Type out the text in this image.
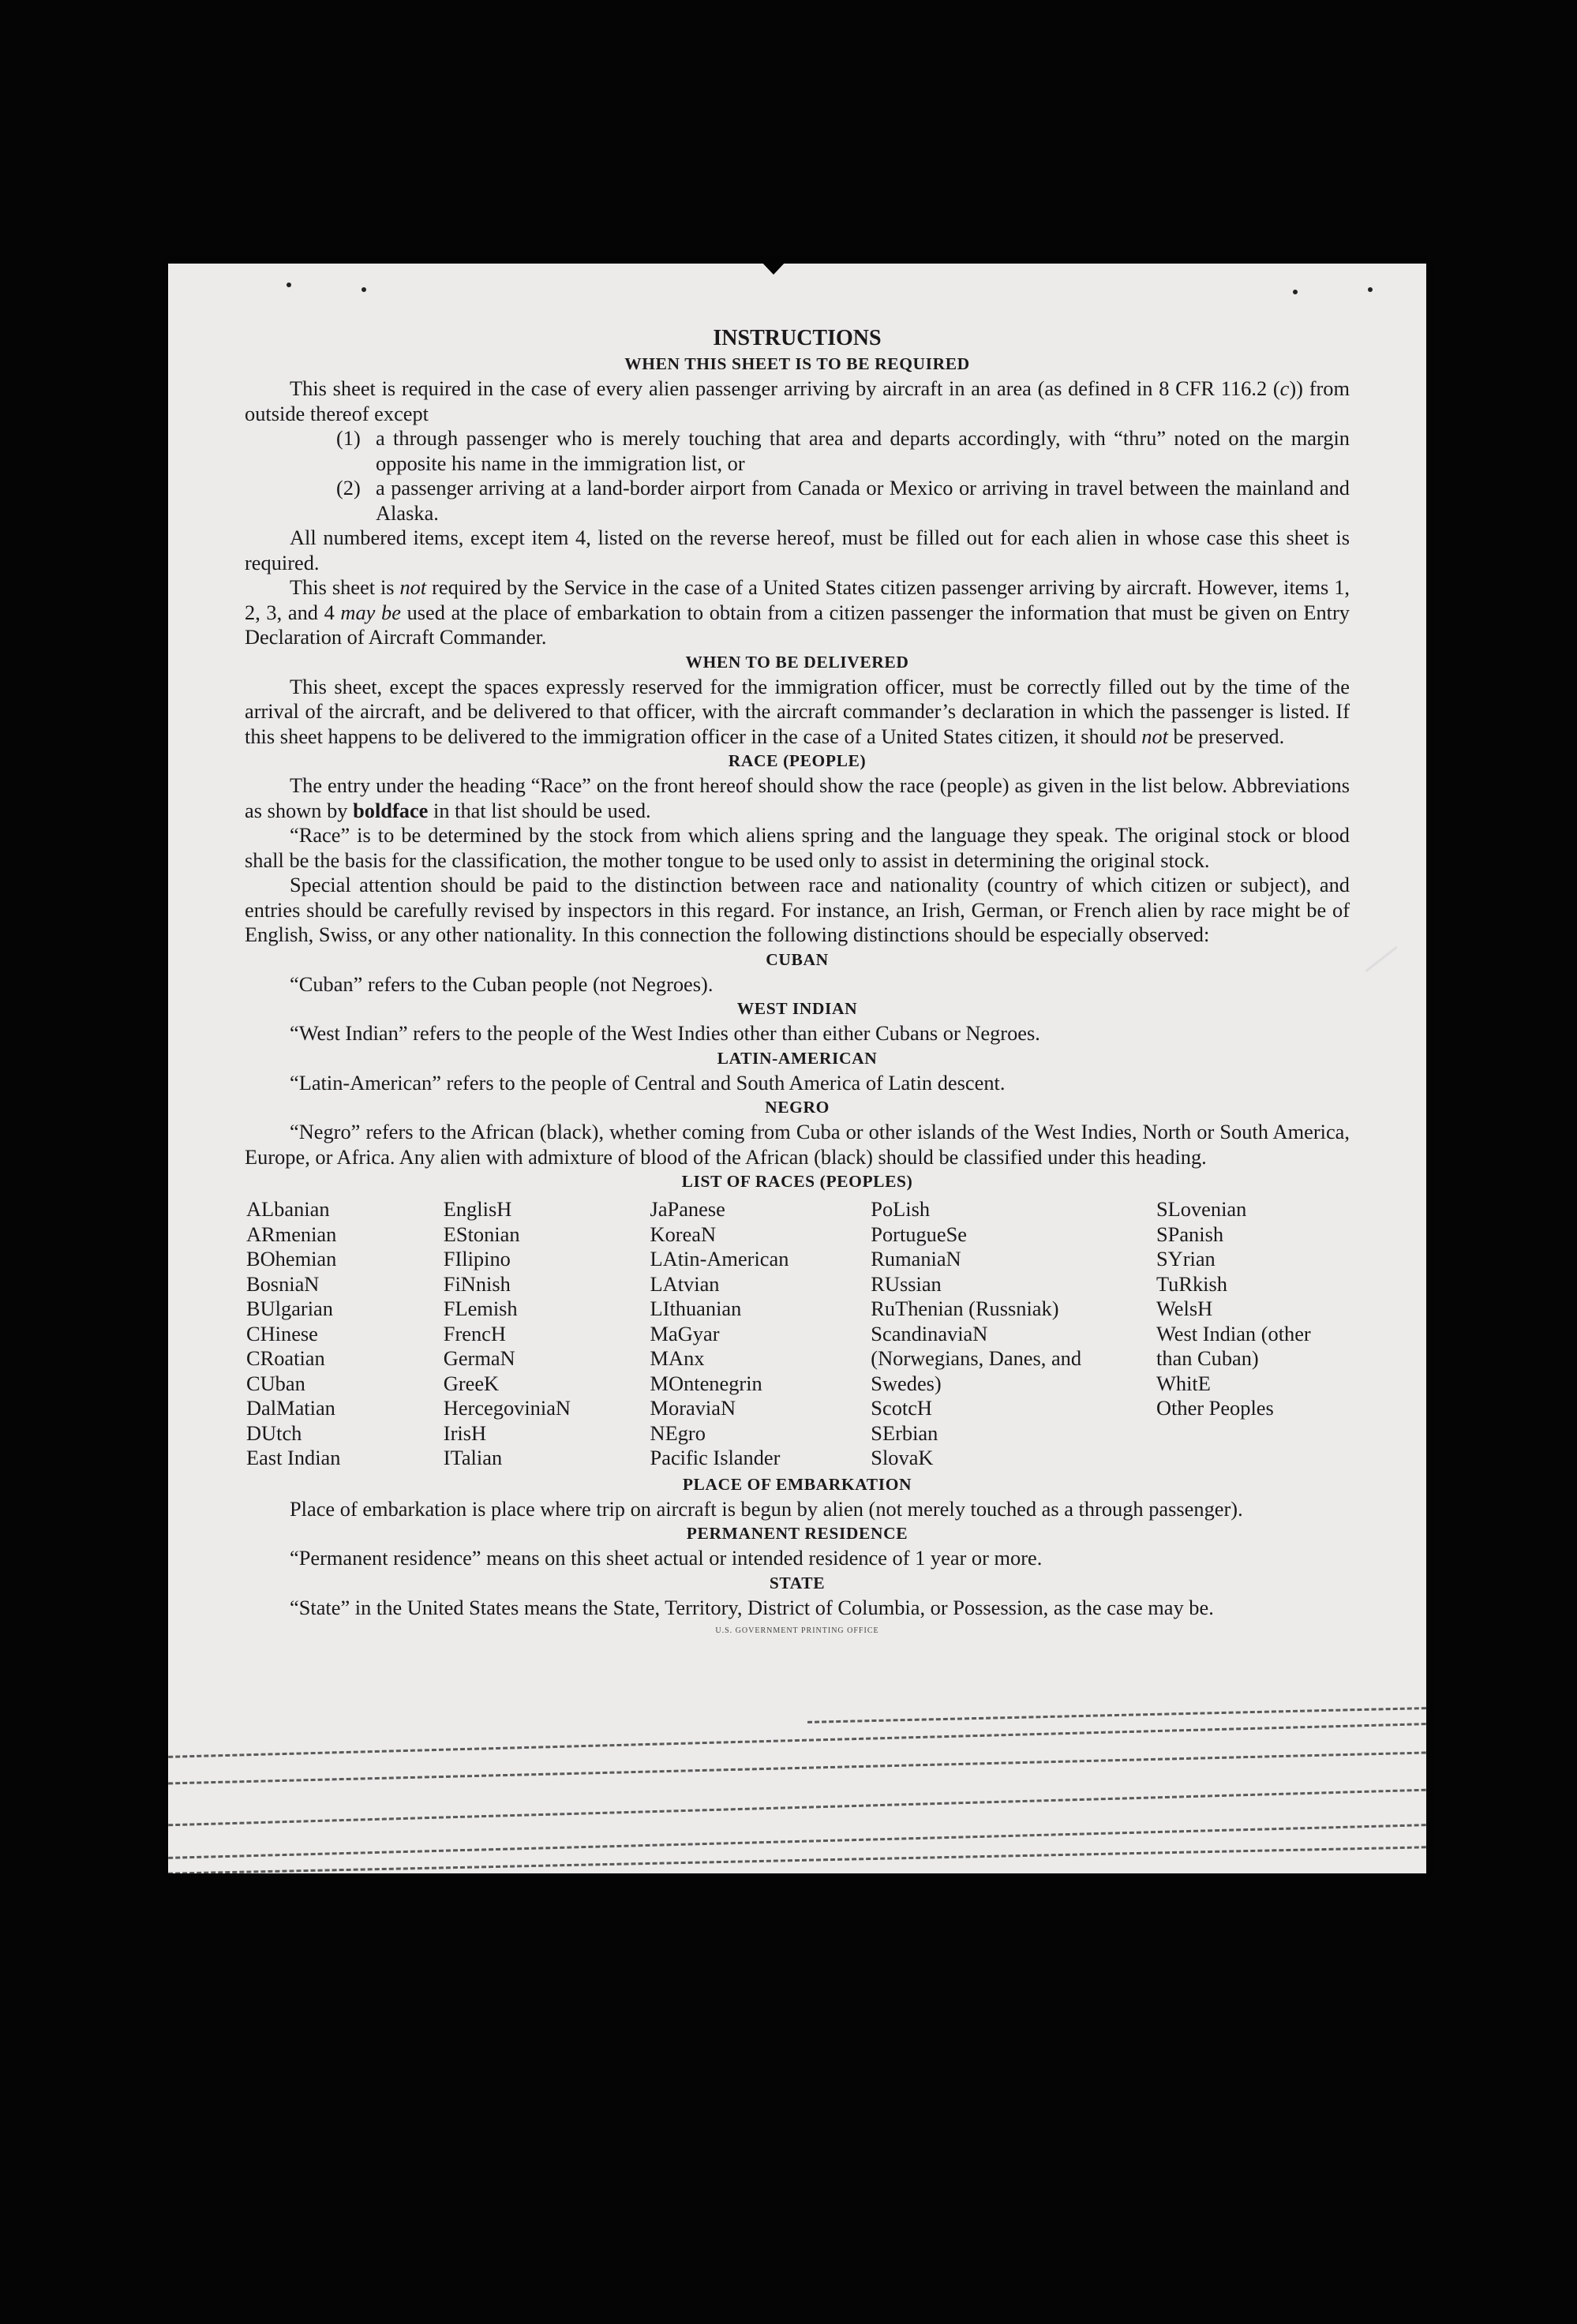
INSTRUCTIONS
WHEN THIS SHEET IS TO BE REQUIRED

This sheet is required in the case of every alien passenger arriving by aircraft in an area (as defined in 8 CFR 116.2 (c)) from outside thereof except

(1) a through passenger who is merely touching that area and departs accordingly, with “thru” noted on the margin opposite his name in the immigration list, or
(2) a passenger arriving at a land-border airport from Canada or Mexico or arriving in travel between the mainland and Alaska.

All numbered items, except item 4, listed on the reverse hereof, must be filled out for each alien in whose case this sheet is required.

This sheet is not required by the Service in the case of a United States citizen passenger arriving by aircraft. However, items 1, 2, 3, and 4 may be used at the place of embarkation to obtain from a citizen passenger the information that must be given on Entry Declaration of Aircraft Commander.

WHEN TO BE DELIVERED

This sheet, except the spaces expressly reserved for the immigration officer, must be correctly filled out by the time of the arrival of the aircraft, and be delivered to that officer, with the aircraft commander’s declaration in which the passenger is listed. If this sheet happens to be delivered to the immigration officer in the case of a United States citizen, it should not be preserved.

RACE (PEOPLE)

The entry under the heading “Race” on the front hereof should show the race (people) as given in the list below. Abbreviations as shown by boldface in that list should be used.

“Race” is to be determined by the stock from which aliens spring and the language they speak. The original stock or blood shall be the basis for the classification, the mother tongue to be used only to assist in determining the original stock.

Special attention should be paid to the distinction between race and nationality (country of which citizen or subject), and entries should be carefully revised by inspectors in this regard. For instance, an Irish, German, or French alien by race might be of English, Swiss, or any other nationality. In this connection the following distinctions should be especially observed:

CUBAN

“Cuban” refers to the Cuban people (not Negroes).

WEST INDIAN

“West Indian” refers to the people of the West Indies other than either Cubans or Negroes.

LATIN-AMERICAN

“Latin-American” refers to the people of Central and South America of Latin descent.

NEGRO

“Negro” refers to the African (black), whether coming from Cuba or other islands of the West Indies, North or South America, Europe, or Africa. Any alien with admixture of blood of the African (black) should be classified under this heading.

LIST OF RACES (PEOPLES)
ALbanian
ARmenian
BOhemian
BosniaN
BUlgarian
CHinese
CRoatian
CUban
DalMatian
DUtch
East Indian
EnglisH
EStonian
FIlipino
FiNnish
FLemish
FrencH
GermaN
GreeK
HercegoviniaN
IrisH
ITalian
JaPanese
KoreaN
LAtin-American
LAtvian
LIthuanian
MaGyar
MAnx
MOntenegrin
MoraviaN
NEgro
Pacific Islander
PoLish
PortugueSe
RumaniaN
RUssian
RuThenian (Russniak)
ScandinaviaN (Norwegians, Danes, and Swedes)
ScotcH
SErbian
SlovaK
SLovenian
SPanish
SYrian
TuRkish
WelsH
West Indian (other than Cuban)
WhitE
Other Peoples
PLACE OF EMBARKATION

Place of embarkation is place where trip on aircraft is begun by alien (not merely touched as a through passenger).

PERMANENT RESIDENCE

“Permanent residence” means on this sheet actual or intended residence of 1 year or more.

STATE

“State” in the United States means the State, Territory, District of Columbia, or Possession, as the case may be.

U.S. GOVERNMENT PRINTING OFFICE
